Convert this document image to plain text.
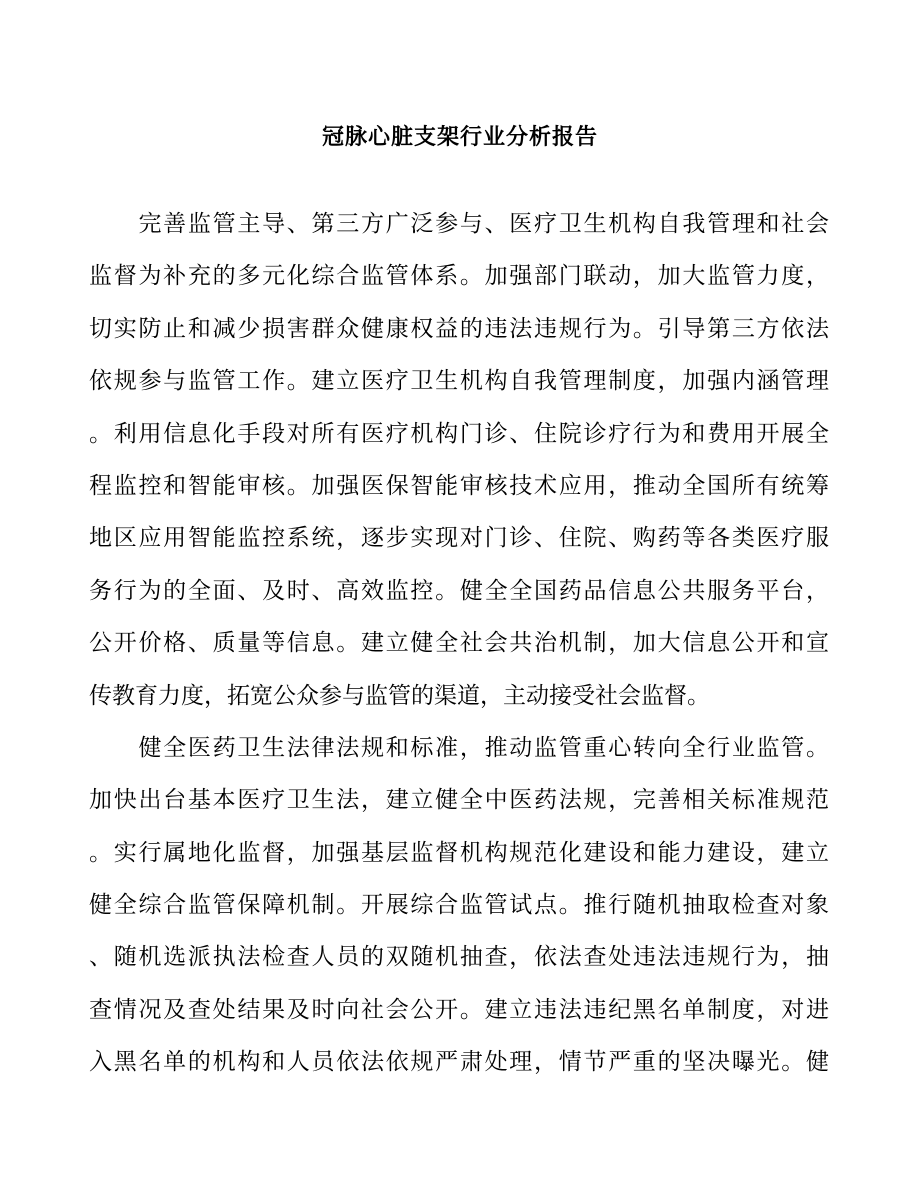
冠脉心脏支架行业分析报告
　　完善监管主导、第三方广泛参与、医疗卫生机构自我管理和社会
监督为补充的多元化综合监管体系。加强部门联动，加大监管力度，
切实防止和减少损害群众健康权益的违法违规行为。引导第三方依法
依规参与监管工作。建立医疗卫生机构自我管理制度，加强内涵管理
。利用信息化手段对所有医疗机构门诊、住院诊疗行为和费用开展全
程监控和智能审核。加强医保智能审核技术应用，推动全国所有统筹
地区应用智能监控系统，逐步实现对门诊、住院、购药等各类医疗服
务行为的全面、及时、高效监控。健全全国药品信息公共服务平台，
公开价格、质量等信息。建立健全社会共治机制，加大信息公开和宣
传教育力度，拓宽公众参与监管的渠道，主动接受社会监督。
　　健全医药卫生法律法规和标准，推动监管重心转向全行业监管。
加快出台基本医疗卫生法，建立健全中医药法规，完善相关标准规范
。实行属地化监督，加强基层监督机构规范化建设和能力建设，建立
健全综合监管保障机制。开展综合监管试点。推行随机抽取检查对象
、随机选派执法检查人员的双随机抽查，依法查处违法违规行为，抽
查情况及查处结果及时向社会公开。建立违法违纪黑名单制度，对进
入黑名单的机构和人员依法依规严肃处理，情节严重的坚决曝光。健
